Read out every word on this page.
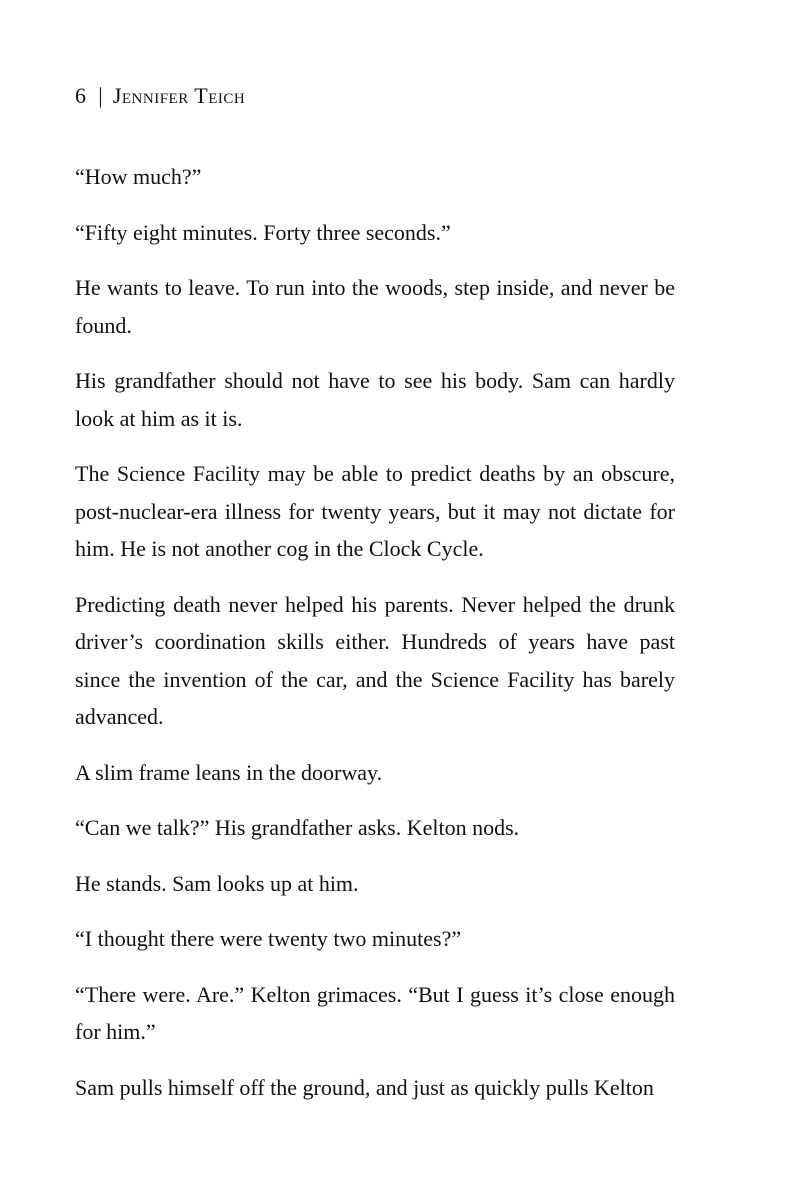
6 | Jennifer Teich

“How much?”

“Fifty eight minutes. Forty three seconds.”

He wants to leave. To run into the woods, step inside, and never be found.

His grandfather should not have to see his body. Sam can hardly look at him as it is.

The Science Facility may be able to predict deaths by an obscure, post-nuclear-era illness for twenty years, but it may not dictate for him. He is not another cog in the Clock Cycle.

Predicting death never helped his parents. Never helped the drunk driver’s coordination skills either. Hundreds of years have past since the invention of the car, and the Science Facility has barely advanced.

A slim frame leans in the doorway.

“Can we talk?” His grandfather asks. Kelton nods.

He stands. Sam looks up at him.

“I thought there were twenty two minutes?”

“There were. Are.” Kelton grimaces. “But I guess it’s close enough for him.”

Sam pulls himself off the ground, and just as quickly pulls Kelton
